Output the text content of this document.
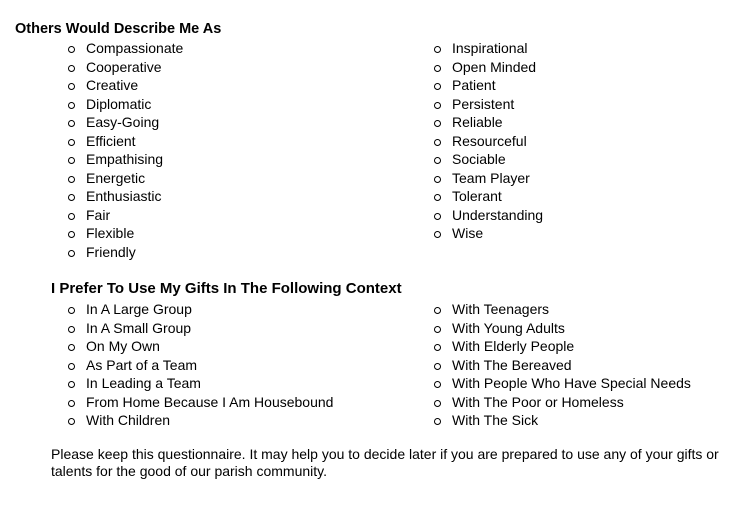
Others Would Describe Me As
Compassionate
Cooperative
Creative
Diplomatic
Easy-Going
Efficient
Empathising
Energetic
Enthusiastic
Fair
Flexible
Friendly
Inspirational
Open Minded
Patient
Persistent
Reliable
Resourceful
Sociable
Team Player
Tolerant
Understanding
Wise
I Prefer To Use My Gifts In The Following Context
In A Large Group
In A Small Group
On My Own
As Part of a Team
In Leading a Team
From Home Because I Am Housebound
With Children
With Teenagers
With Young Adults
With Elderly People
With The Bereaved
With People Who Have Special Needs
With The Poor or Homeless
With The Sick

Please keep this questionnaire. It may help you to decide later if you are prepared to use any of your gifts or talents for the good of our parish community.
